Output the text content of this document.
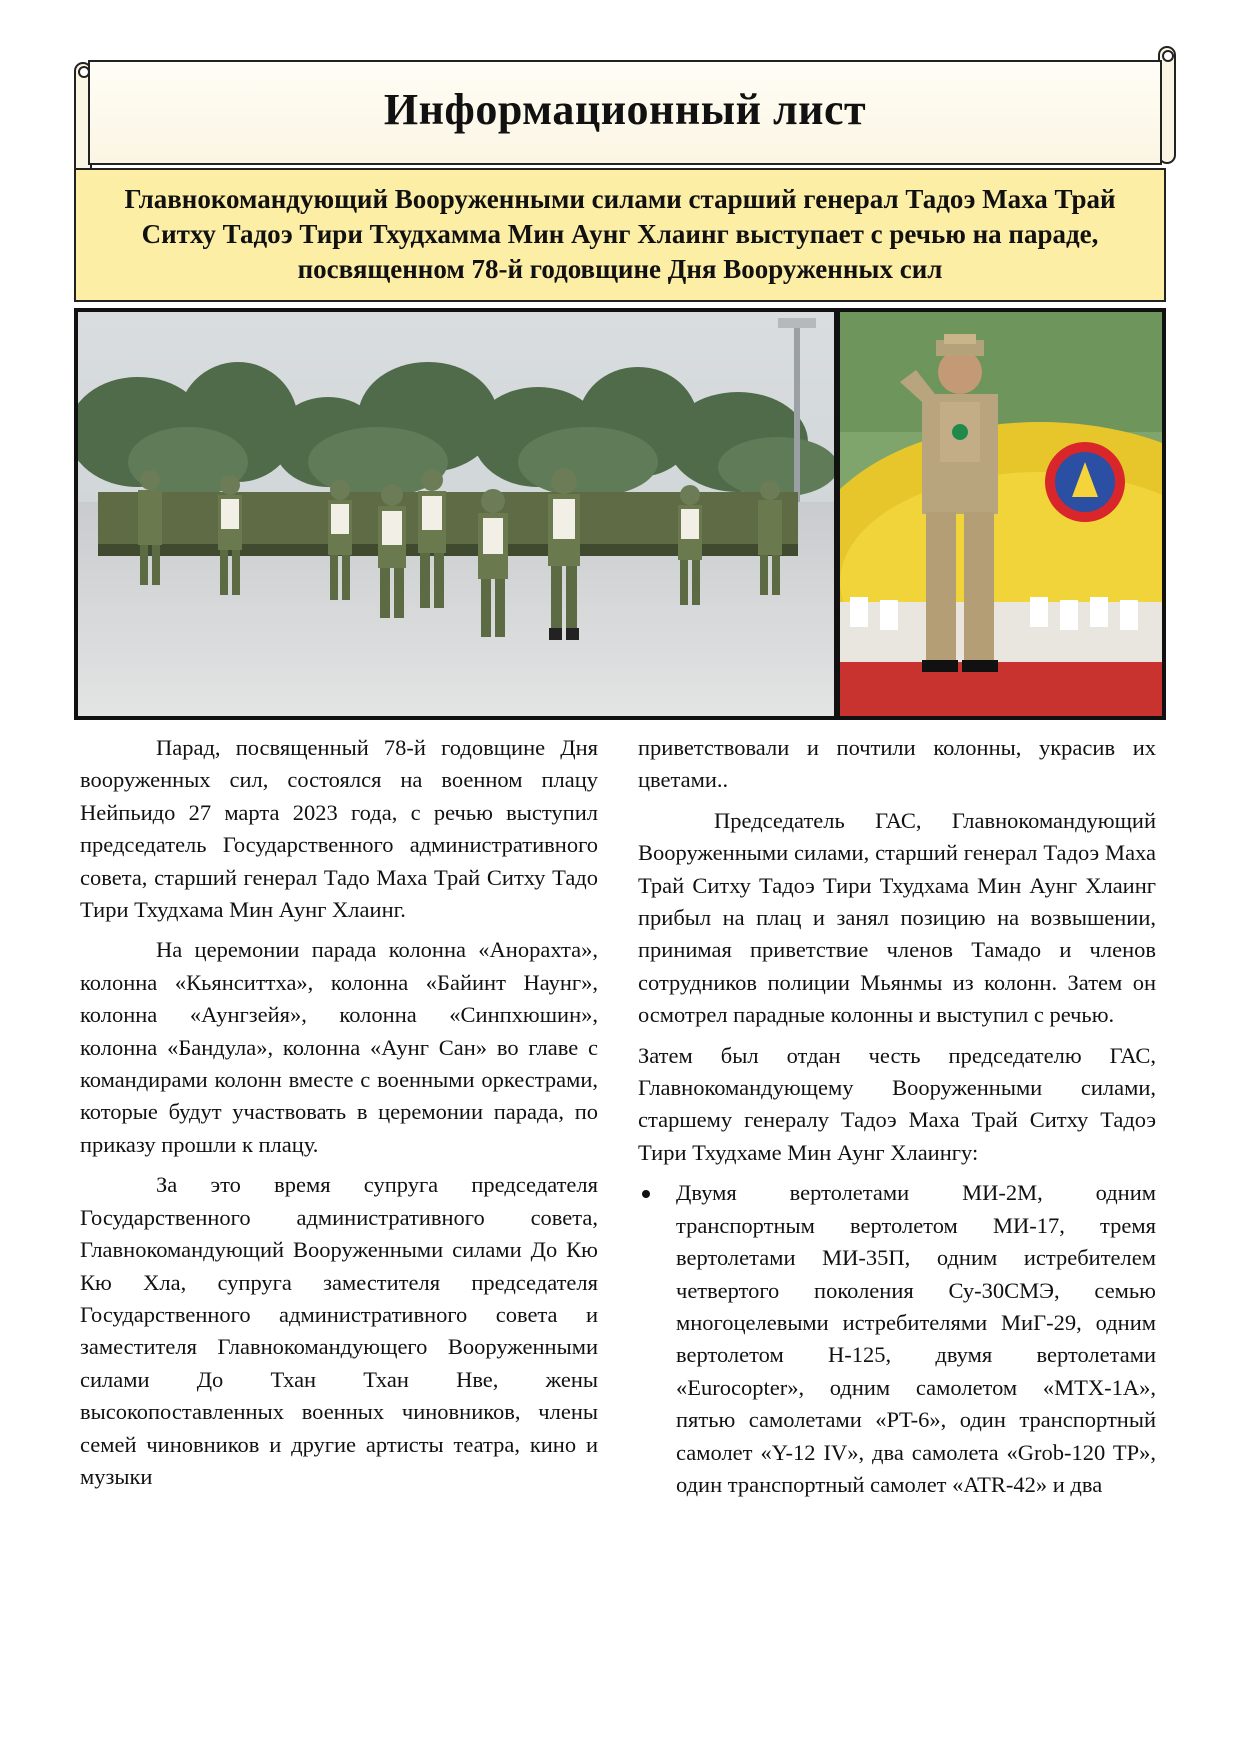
Информационный лист
Главнокомандующий Вооруженными силами старший генерал Тадоэ Маха Трай Ситху Тадоэ Тири Тхудхамма Мин Аунг Хлаинг выступает с речью на параде, посвященном 78-й годовщине Дня Вооруженных сил

Парад, посвященный 78-й годовщине Дня вооруженных сил, состоялся на военном плацу Нейпьидо 27 марта 2023 года, с речью выступил председатель Государственного административного совета, старший генерал Тадо Маха Трай Ситху Тадо Тири Тхудхама Мин Аунг Хлаинг.

На церемонии парада колонна «Анорахта», колонна «Кьянситтха», колонна «Байинт Наунг», колонна «Аунгзейя», колонна «Синпхюшин», колонна «Бандула», колонна «Аунг Сан» во главе с командирами колонн вместе с военными оркестрами, которые будут участвовать в церемонии парада, по приказу прошли к плацу.

За это время супруга председателя Государственного административного совета, Главнокомандующий Вооруженными силами До Кю Кю Хла, супруга заместителя председателя Государственного административного совета и заместителя Главнокомандующего Вооруженными силами До Тхан Тхан Нве, жены высокопоставленных военных чиновников, члены семей чиновников и другие артисты театра, кино и музыки

приветствовали и почтили колонны, украсив их цветами..

Председатель ГАС, Главнокомандующий Вооруженными силами, старший генерал Тадоэ Маха Трай Ситху Тадоэ Тири Тхудхама Мин Аунг Хлаинг прибыл на плац и занял позицию на возвышении, принимая приветствие членов Тамадо и членов сотрудников полиции Мьянмы из колонн. Затем он осмотрел парадные колонны и выступил с речью.

Затем был отдан честь председателю ГАС, Главнокомандующему Вооруженными силами, старшему генералу Тадоэ Маха Трай Ситху Тадоэ Тири Тхудхаме Мин Аунг Хлаингу:

Двумя вертолетами МИ-2М, одним транспортным вертолетом МИ-17, тремя вертолетами МИ-35П, одним истребителем четвертого поколения Су-30СМЭ, семью многоцелевыми истребителями МиГ-29, одним вертолетом H-125, двумя вертолетами «Eurocopter», одним самолетом «MTX-1A», пятью самолетами «PT-6», один транспортный самолет «Y-12 IV», два самолета «Grob-120 TP», один транспортный самолет «ATR-42» и два
